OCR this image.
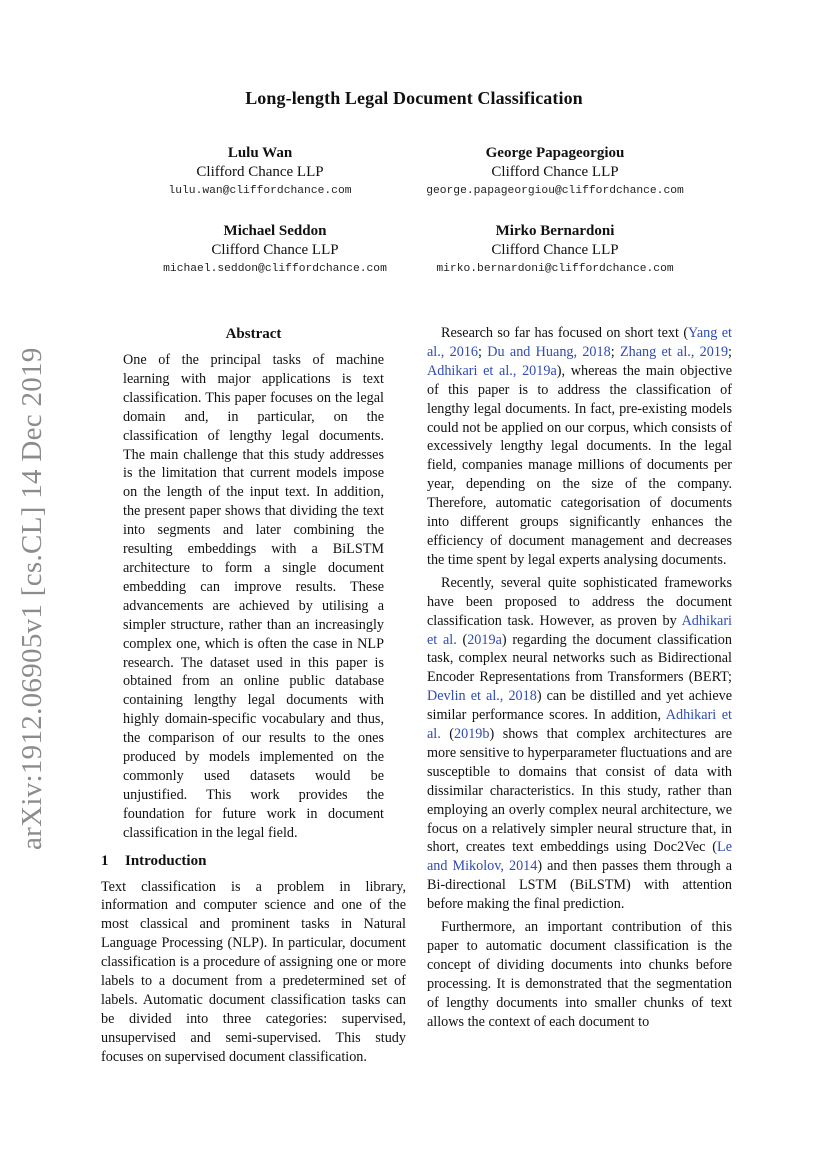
Long-length Legal Document Classification
Lulu Wan
Clifford Chance LLP
lulu.wan@cliffordchance.com
George Papageorgiou
Clifford Chance LLP
george.papageorgiou@cliffordchance.com
Michael Seddon
Clifford Chance LLP
michael.seddon@cliffordchance.com
Mirko Bernardoni
Clifford Chance LLP
mirko.bernardoni@cliffordchance.com
arXiv:1912.06905v1 [cs.CL] 14 Dec 2019
Abstract

One of the principal tasks of machine learning with major applications is text classification. This paper focuses on the legal domain and, in particular, on the classification of lengthy legal documents. The main challenge that this study addresses is the limitation that current models impose on the length of the input text. In addition, the present paper shows that dividing the text into segments and later combining the resulting embeddings with a BiLSTM architecture to form a single document embedding can improve results. These advancements are achieved by utilising a simpler structure, rather than an increasingly complex one, which is often the case in NLP research. The dataset used in this paper is obtained from an online public database containing lengthy legal documents with highly domain-specific vocabulary and thus, the comparison of our results to the ones produced by models implemented on the commonly used datasets would be unjustified. This work provides the foundation for future work in document classification in the legal field.

1 Introduction

Text classification is a problem in library, information and computer science and one of the most classical and prominent tasks in Natural Language Processing (NLP). In particular, document classification is a procedure of assigning one or more labels to a document from a predetermined set of labels. Automatic document classification tasks can be divided into three categories: supervised, unsupervised and semi-supervised. This study focuses on supervised document classification.

Research so far has focused on short text (Yang et al., 2016; Du and Huang, 2018; Zhang et al., 2019; Adhikari et al., 2019a), whereas the main objective of this paper is to address the classification of lengthy legal documents. In fact, pre-existing models could not be applied on our corpus, which consists of excessively lengthy legal documents. In the legal field, companies manage millions of documents per year, depending on the size of the company. Therefore, automatic categorisation of documents into different groups significantly enhances the efficiency of document management and decreases the time spent by legal experts analysing documents.

Recently, several quite sophisticated frameworks have been proposed to address the document classification task. However, as proven by Adhikari et al. (2019a) regarding the document classification task, complex neural networks such as Bidirectional Encoder Representations from Transformers (BERT; Devlin et al., 2018) can be distilled and yet achieve similar performance scores. In addition, Adhikari et al. (2019b) shows that complex architectures are more sensitive to hyperparameter fluctuations and are susceptible to domains that consist of data with dissimilar characteristics. In this study, rather than employing an overly complex neural architecture, we focus on a relatively simpler neural structure that, in short, creates text embeddings using Doc2Vec (Le and Mikolov, 2014) and then passes them through a Bi-directional LSTM (BiLSTM) with attention before making the final prediction.

Furthermore, an important contribution of this paper to automatic document classification is the concept of dividing documents into chunks before processing. It is demonstrated that the segmentation of lengthy documents into smaller chunks of text allows the context of each document to
